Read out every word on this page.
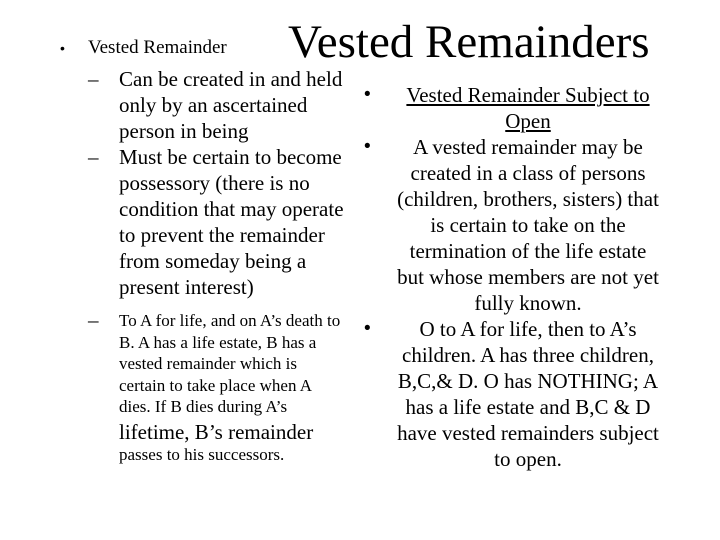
Vested Remainders
• Vested Remainder
– Can be created in and held only by an ascertained person in being
– Must be certain to become possessory (there is no condition that may operate to prevent the remainder from someday being a present interest)
– To A for life, and on A’s death to B. A has a life estate, B has a vested remainder which is certain to take place when A dies. If B dies during A’s
lifetime, B’s remainder
passes to his successors.
• Vested Remainder Subject to Open
• A vested remainder may be created in a class of persons (children, brothers, sisters) that is certain to take on the termination of the life estate but whose members are not yet fully known.
• O to A for life, then to A’s children. A has three children, B,C,& D. O has NOTHING; A has a life estate and B,C & D have vested remainders subject to open.
